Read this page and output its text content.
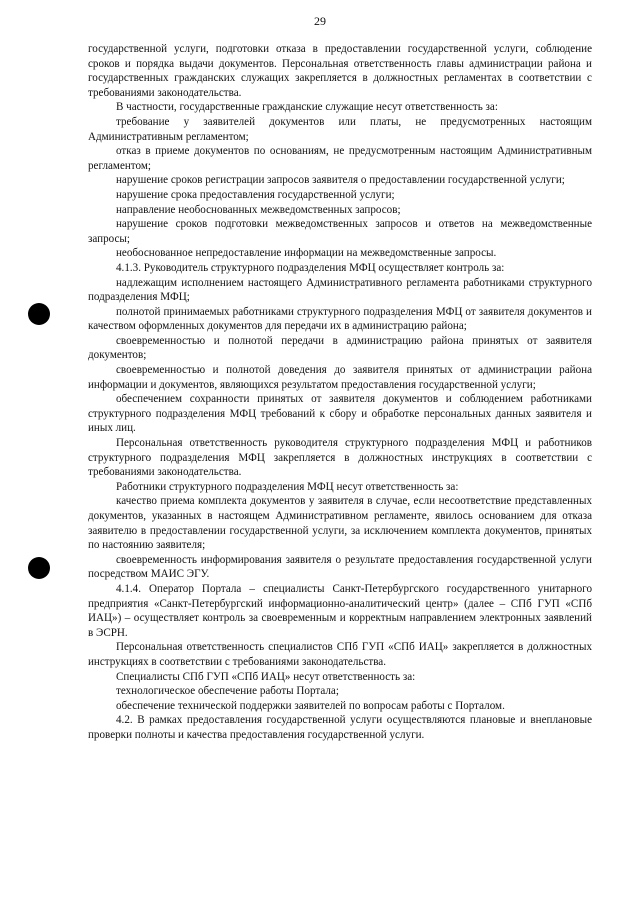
29

государственной услуги, подготовки отказа в предоставлении государственной услуги, соблюдение сроков и порядка выдачи документов. Персональная ответственность главы администрации района и государственных гражданских служащих закрепляется в должностных регламентах в соответствии с требованиями законодательства.

В частности, государственные гражданские служащие несут ответственность за:

требование у заявителей документов или платы, не предусмотренных настоящим Административным регламентом;

отказ в приеме документов по основаниям, не предусмотренным настоящим Административным регламентом;

нарушение сроков регистрации запросов заявителя о предоставлении государственной услуги;

нарушение срока предоставления государственной услуги;

направление необоснованных межведомственных запросов;

нарушение сроков подготовки межведомственных запросов и ответов на межведомственные запросы;

необоснованное непредоставление информации на межведомственные запросы.

4.1.3. Руководитель структурного подразделения МФЦ осуществляет контроль за:

надлежащим исполнением настоящего Административного регламента работниками структурного подразделения МФЦ;

полнотой принимаемых работниками структурного подразделения МФЦ от заявителя документов и качеством оформленных документов для передачи их в администрацию района;

своевременностью и полнотой передачи в администрацию района принятых от заявителя документов;

своевременностью и полнотой доведения до заявителя принятых от администрации района информации и документов, являющихся результатом предоставления государственной услуги;

обеспечением сохранности принятых от заявителя документов и соблюдением работниками структурного подразделения МФЦ требований к сбору и обработке персональных данных заявителя и иных лиц.

Персональная ответственность руководителя структурного подразделения МФЦ и работников структурного подразделения МФЦ закрепляется в должностных инструкциях в соответствии с требованиями законодательства.

Работники структурного подразделения МФЦ несут ответственность за:

качество приема комплекта документов у заявителя в случае, если несоответствие представленных документов, указанных в настоящем Административном регламенте, явилось основанием для отказа заявителю в предоставлении государственной услуги, за исключением комплекта документов, принятых по настоянию заявителя;

своевременность информирования заявителя о результате предоставления государственной услуги посредством МАИС ЭГУ.

4.1.4. Оператор Портала – специалисты Санкт-Петербургского государственного унитарного предприятия «Санкт-Петербургский информационно-аналитический центр» (далее – СПб ГУП «СПб ИАЦ») – осуществляет контроль за своевременным и корректным направлением электронных заявлений в ЭСРН.

Персональная ответственность специалистов СПб ГУП «СПб ИАЦ» закрепляется в должностных инструкциях в соответствии с требованиями законодательства.

Специалисты СПб ГУП «СПб ИАЦ» несут ответственность за:

технологическое обеспечение работы Портала;

обеспечение технической поддержки заявителей по вопросам работы с Порталом.

4.2. В рамках предоставления государственной услуги осуществляются плановые и внеплановые проверки полноты и качества предоставления государственной услуги.
